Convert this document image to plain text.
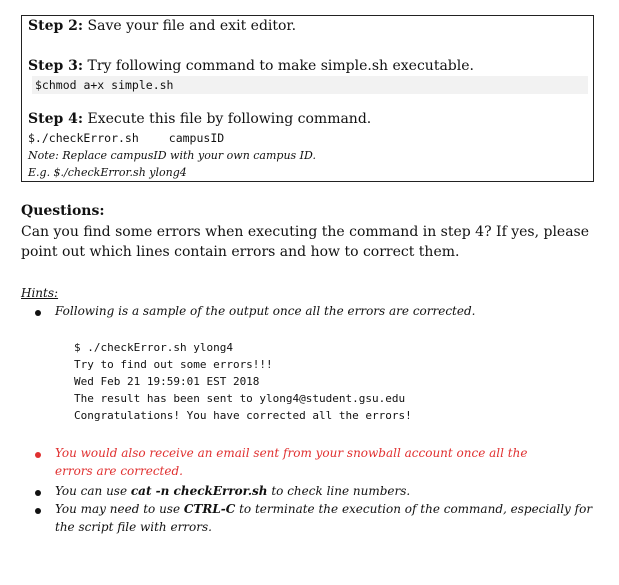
Step 2: Save your file and exit editor.
Step 3: Try following command to make simple.sh executable.
$chmod a+x simple.sh
Step 4: Execute this file by following command.
$./checkError.sh	campusID
Note: Replace campusID with your own campus ID.
E.g. $./checkError.sh ylong4
Questions:
Can you find some errors when executing the command in step 4? If yes, please
point out which lines contain errors and how to correct them.
Hints:
Following is a sample of the output once all the errors are corrected.
$ ./checkError.sh ylong4
Try to find out some errors!!!
Wed Feb 21 19:59:01 EST 2018
The result has been sent to ylong4@student.gsu.edu
Congratulations! You have corrected all the errors!
You would also receive an email sent from your snowball account once all the
errors are corrected.
You can use cat -n checkError.sh to check line numbers.
You may need to use CTRL-C to terminate the execution of the command, especially for
the script file with errors.
